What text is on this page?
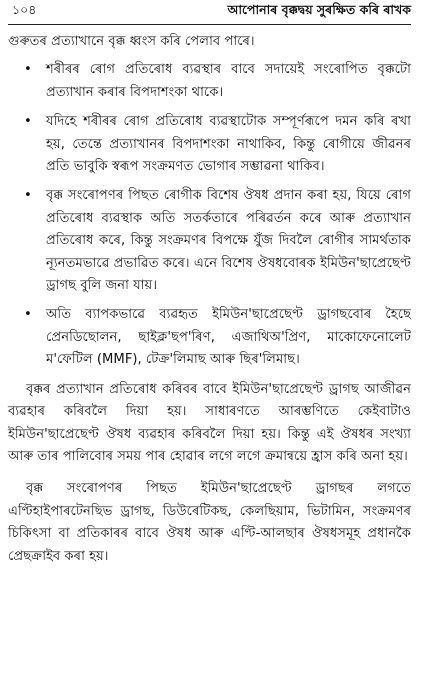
১০৪	আপোনাৰ বৃক্কদ্বয় সুৰক্ষিত কৰি ৰাখক

গুৰুতৰ প্ৰত্যাখানে বৃক্ক ধ্বংস কৰি পেলাব পাৰে।

• শৰীৰৰ ৰোগ প্ৰতিৰোধ ব্যৱস্থাৰ বাবে সদায়েই সংৰোপিত বৃক্কটো প্ৰত্যাখান কৰাৰ বিপদাশংকা থাকে।
• যদিহে শৰীৰৰ ৰোগ প্ৰতিৰোধ ব্যৱস্থাটোক সম্পূৰ্ণৰূপে দমন কৰি ৰখা হয়, তেন্তে প্ৰত্যাখানৰ বিপদাশংকা নাথাকিব, কিন্তু ৰোগীয়ে জীৱনৰ প্ৰতি ভাবুকি স্বৰূপ সংক্ৰমণত ভোগাৰ সম্ভাৱনা থাকিব।
• বৃক্ক সংৰোপণৰ পিছত ৰোগীক বিশেষ ঔষধ প্ৰদান কৰা হয়, যিয়ে ৰোগ প্ৰতিৰোধ ব্যৱস্থাক অতি সতৰ্কতাৰে পৰিৱৰ্তন কৰে আৰু প্ৰত্যাখান প্ৰতিৰোধ কৰে, কিন্তু সংক্ৰমণৰ বিপক্ষে যুঁজ দিবলৈ ৰোগীৰ সামৰ্থতাক ন্যূনতমভাৱে প্ৰভাৱিত কৰে। এনে বিশেষ ঔষধবোৰক ইমিউন'ছাপ্ৰেছেণ্ট ড্ৰাগছ বুলি জনা যায়।
• অতি ব্যাপকভাৱে ব্যৱহৃত ইমিউন'ছাপ্ৰেছেণ্ট ড্ৰাগছবোৰ হৈছে প্ৰেনডিছোলন, ছাইক্ল'ছপ'ৰিণ, এজাথিঅ'প্ৰিণ, মাকোফেনোলেট ম'ফেটিল (MMF), টেক্ৰ'লিমাছ আৰু ছিৰ'লিমাছ।

বৃক্কৰ প্ৰত্যাখান প্ৰতিৰোধ কৰিবৰ বাবে ইমিউন'ছাপ্ৰেছেণ্ট ড্ৰাগছ আজীৱন ব্যৱহাৰ কৰিবলৈ দিয়া হয়। সাধাৰণতে আৰম্ভণিতে কেইবাটাও ইমিউন'ছাপ্ৰেছেণ্ট ঔষধ ব্যৱহাৰ কৰিবলৈ দিয়া হয়। কিন্তু এই ঔষধৰ সংখ্যা আৰু তাৰ পালিবোৰ সময় পাৰ হোৱাৰ লগে লগে ক্ৰমান্বয়ে হ্ৰাস কৰি অনা হয়।

বৃক্ক সংৰোপণৰ পিছত ইমিউন'ছাপ্ৰেছেণ্ট ড্ৰাগছৰ লগতে এণ্টিহাইপাৰটেনছিভ ড্ৰাগছ, ডিউৰেটিকছ, কেলছিয়াম, ভিটামিন, সংক্ৰমণৰ চিকিৎসা বা প্ৰতিকাৰৰ বাবে ঔষধ আৰু এণ্টি-আলছাৰ ঔষধসমূহ প্ৰধানকৈ প্ৰেছক্ৰাইব কৰা হয়।
